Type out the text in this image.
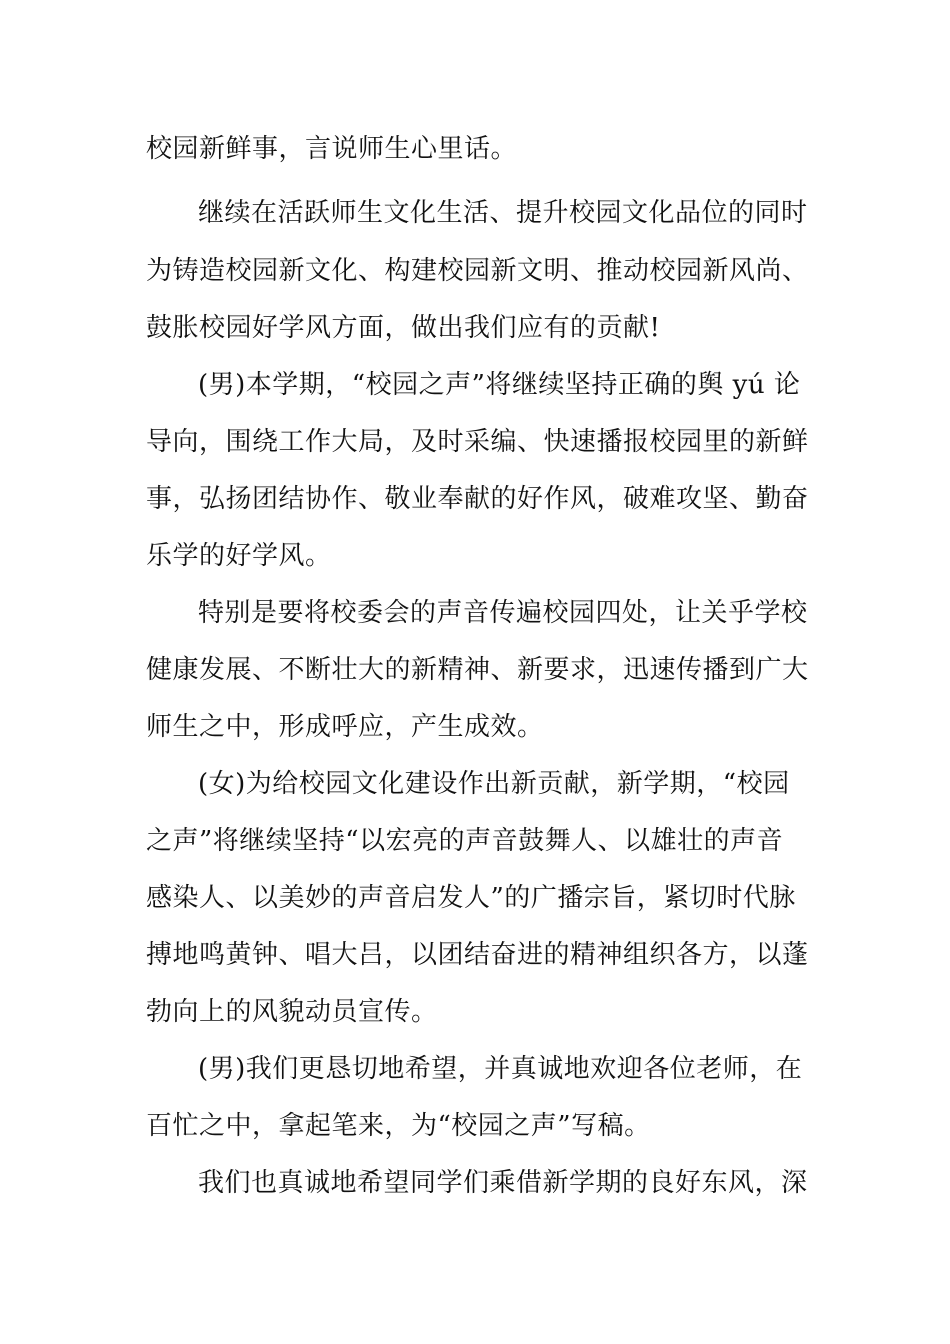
校园新鲜事，言说师生心里话。
继续在活跃师生文化生活、提升校园文化品位的同时
为铸造校园新文化、构建校园新文明、推动校园新风尚、
鼓胀校园好学风方面，做出我们应有的贡献!
(男)本学期，“校园之声”将继续坚持正确的舆 yú 论
导向，围绕工作大局，及时采编、快速播报校园里的新鲜
事，弘扬团结协作、敬业奉献的好作风，破难攻坚、勤奋
乐学的好学风。
特别是要将校委会的声音传遍校园四处，让关乎学校
健康发展、不断壮大的新精神、新要求，迅速传播到广大
师生之中，形成呼应，产生成效。
(女)为给校园文化建设作出新贡献，新学期，“校园
之声”将继续坚持“以宏亮的声音鼓舞人、以雄壮的声音
感染人、以美妙的声音启发人”的广播宗旨，紧切时代脉
搏地鸣黄钟、唱大吕，以团结奋进的精神组织各方，以蓬
勃向上的风貌动员宣传。
(男)我们更恳切地希望，并真诚地欢迎各位老师，在
百忙之中，拿起笔来，为“校园之声”写稿。
我们也真诚地希望同学们乘借新学期的良好东风，深
